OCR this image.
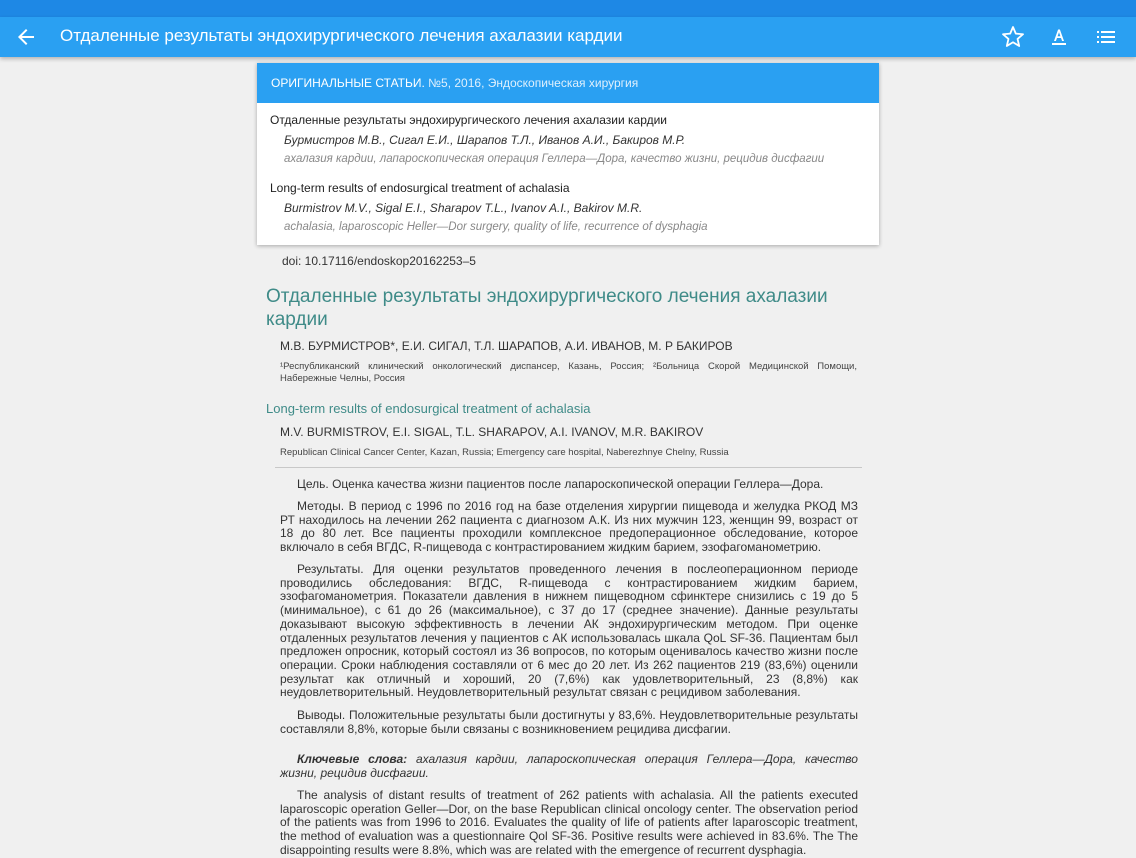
Отдаленные результаты эндохирургического лечения ахалазии кардии
ОРИГИНАЛЬНЫЕ СТАТЬИ. №5, 2016, Эндоскопическая хирургия
Отдаленные результаты эндохирургического лечения ахалазии кардии
Бурмистров М.В., Сигал Е.И., Шарапов Т.Л., Иванов А.И., Бакиров М.Р.
ахалазия кардии, лапароскопическая операция Геллера—Дора, качество жизни, рецидив дисфагии
Long-term results of endosurgical treatment of achalasia
Burmistrov M.V., Sigal E.I., Sharapov T.L., Ivanov A.I., Bakirov M.R.
achalasia, laparoscopic Heller—Dor surgery, quality of life, recurrence of dysphagia
doi: 10.17116/endoskop20162253–5
Отдаленные результаты эндохирургического лечения ахалазии кардии
М.В. БУРМИСТРОВ*, Е.И. СИГАЛ, Т.Л. ШАРАПОВ, А.И. ИВАНОВ, М. Р БАКИРОВ
¹Республиканский клинический онкологический диспансер, Казань, Россия; ²Больница Скорой Медицинской Помощи, Набережные Челны, Россия
Long-term results of endosurgical treatment of achalasia
M.V. BURMISTROV, E.I. SIGAL, T.L. SHARAPOV, A.I. IVANOV, M.R. BAKIROV
Republican Clinical Cancer Center, Kazan, Russia; Emergency care hospital, Naberezhnye Chelny, Russia
Цель. Оценка качества жизни пациентов после лапароскопической операции Геллера—Дора.
Методы. В период с 1996 по 2016 год на базе отделения хирургии пищевода и желудка РКОД МЗ РТ находилось на лечении 262 пациента с диагнозом А.К. Из них мужчин 123, женщин 99, возраст от 18 до 80 лет. Все пациенты проходили комплексное предоперационное обследование, которое включало в себя ВГДС, R-пищевода с контрастированием жидким барием, эзофагоманометрию.
Результаты. Для оценки результатов проведенного лечения в послеоперационном периоде проводились обследования: ВГДС, R-пищевода с контрастированием жидким барием, эзофагоманометрия. Показатели давления в нижнем пищеводном сфинктере снизились с 19 до 5 (минимальное), с 61 до 26 (максимальное), с 37 до 17 (среднее значение). Данные результаты доказывают высокую эффективность в лечении АК эндохирургическим методом. При оценке отдаленных результатов лечения у пациентов с АК использовалась шкала QoL SF-36. Пациентам был предложен опросник, который состоял из 36 вопросов, по которым оценивалось качество жизни после операции. Сроки наблюдения составляли от 6 мес до 20 лет. Из 262 пациентов 219 (83,6%) оценили результат как отличный и хороший, 20 (7,6%) как удовлетворительный, 23 (8,8%) как неудовлетворительный. Неудовлетворительный результат связан с рецидивом заболевания.
Выводы. Положительные результаты были достигнуты у 83,6%. Неудовлетворительные результаты составляли 8,8%, которые были связаны с возникновением рецидива дисфагии.
Ключевые слова: ахалазия кардии, лапароскопическая операция Геллера—Дора, качество жизни, рецидив дисфагии.
The analysis of distant results of treatment of 262 patients with achalasia. All the patients executed laparoscopic operation Geller—Dor, on the base Republican clinical oncology center. The observation period of the patients was from 1996 to 2016. Evaluates the quality of life of patients after laparoscopic treatment, the method of evaluation was a questionnaire Qol SF-36. Positive results were achieved in 83.6%. The The disappointing results were 8.8%, which was are related with the emergence of recurrent dysphagia.
